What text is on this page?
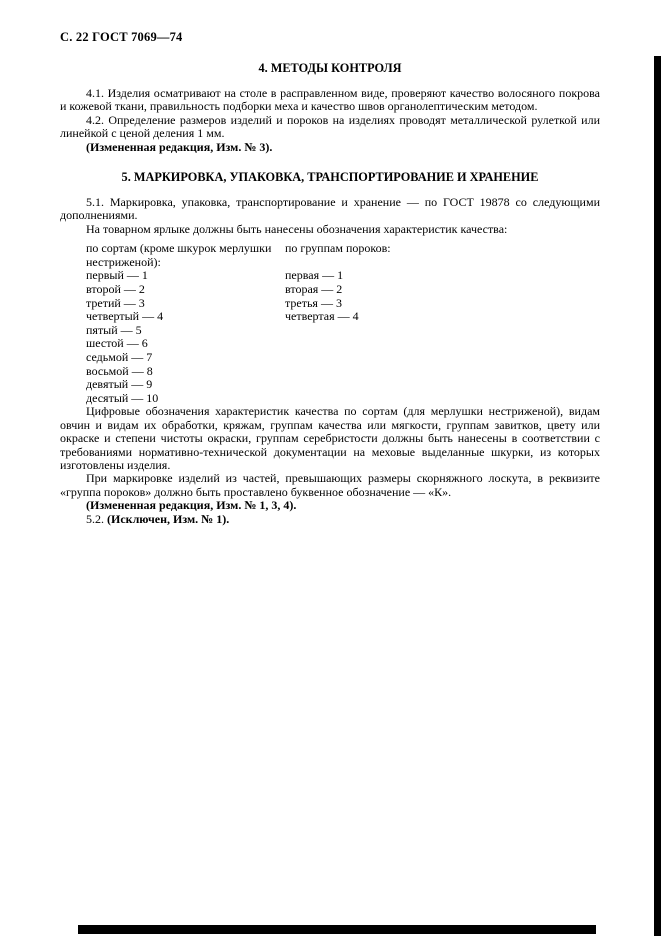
С. 22 ГОСТ 7069—74
4. МЕТОДЫ КОНТРОЛЯ

4.1. Изделия осматривают на столе в расправленном виде, проверяют качество волосяного покрова и кожевой ткани, правильность подборки меха и качество швов органолептическим методом.

4.2. Определение размеров изделий и пороков на изделиях проводят металлической рулеткой или линейкой с ценой деления 1 мм.

(Измененная редакция, Изм. № 3).

5. МАРКИРОВКА, УПАКОВКА, ТРАНСПОРТИРОВАНИЕ И ХРАНЕНИЕ

5.1. Маркировка, упаковка, транспортирование и хранение — по ГОСТ 19878 со следующими дополнениями.

На товарном ярлыке должны быть нанесены обозначения характеристик качества:

по сортам (кроме шкурок мерлушки нестриженой):
первый — 1
второй — 2
третий — 3
четвертый — 4
пятый — 5
шестой — 6
седьмой — 7
восьмой — 8
девятый — 9
десятый — 10
по группам пороков:
первая — 1
вторая — 2
третья — 3
четвертая — 4

Цифровые обозначения характеристик качества по сортам (для мерлушки нестриженой), видам овчин и видам их обработки, кряжам, группам качества или мягкости, группам завитков, цвету или окраске и степени чистоты окраски, группам серебристости должны быть нанесены в соответствии с требованиями нормативно-технической документации на меховые выделанные шкурки, из которых изготовлены изделия.

При маркировке изделий из частей, превышающих размеры скорняжного лоскута, в реквизите «группа пороков» должно быть проставлено буквенное обозначение — «К».

(Измененная редакция, Изм. № 1, 3, 4).

5.2. (Исключен, Изм. № 1).
